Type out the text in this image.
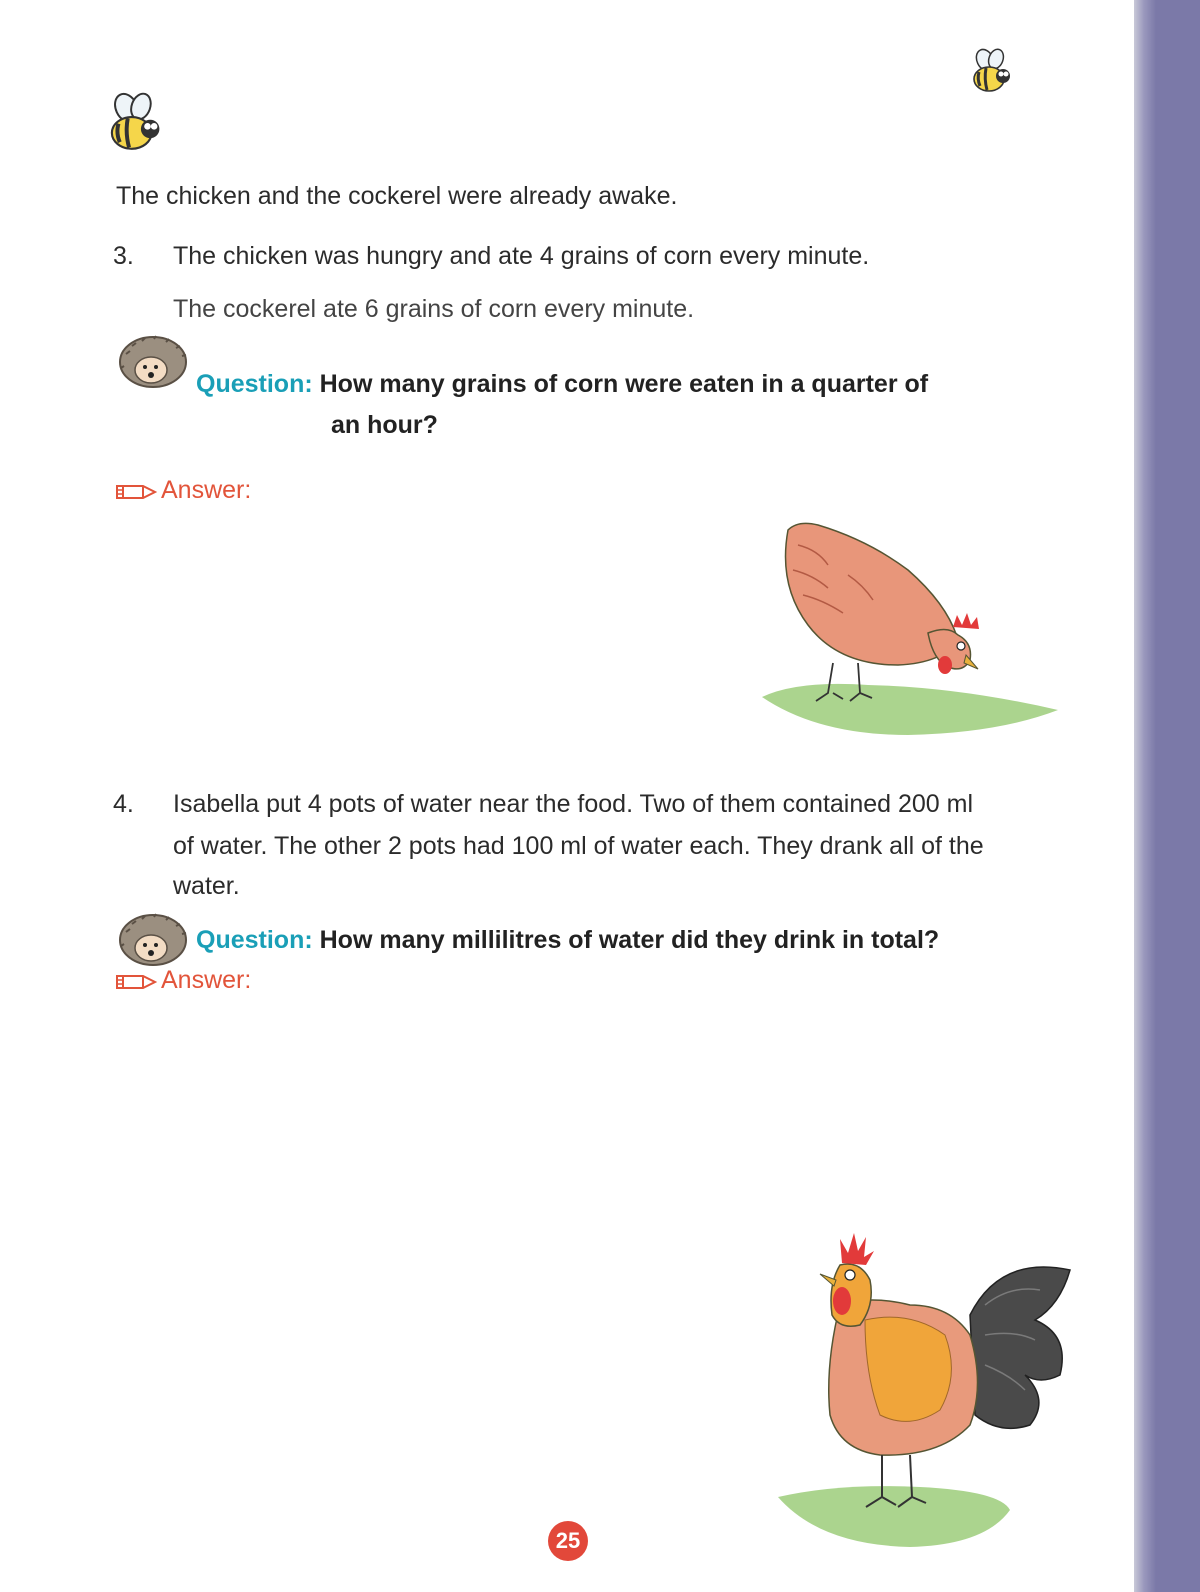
The chicken and the cockerel were already awake.
3. The chicken was hungry and ate 4 grains of corn every minute.
The cockerel ate 6 grains of corn every minute.
Question: How many grains of corn were eaten in a quarter of
an hour?
Answer:
4. Isabella put 4 pots of water near the food. Two of them contained 200 ml
of water. The other 2 pots had 100 ml of water each. They drank all of the
water.
Question: How many millilitres of water did they drink in total?
Answer:
25
